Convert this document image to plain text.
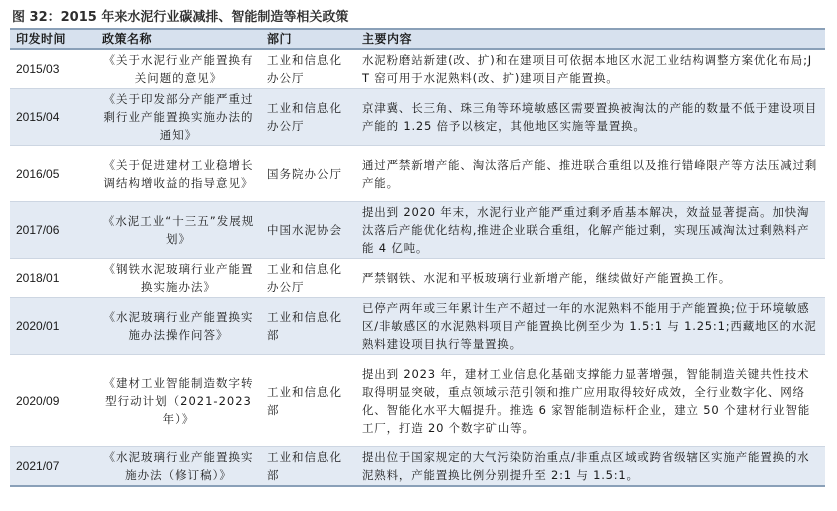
图 32：2015 年来水泥行业碳减排、智能制造等相关政策
印发时间	政策名称	部门	主要内容
2015/03	《关于水泥行业产能置换有关问题的意见》	工业和信息化办公厅	水泥粉磨站新建(改、扩)和在建项目可依据本地区水泥工业结构调整方案优化布局;JT 窑可用于水泥熟料(改、扩)建项目产能置换。
2015/04	《关于印发部分产能严重过剩行业产能置换实施办法的通知》	工业和信息化办公厅	京津冀、长三角、珠三角等环境敏感区需要置换被淘汰的产能的数量不低于建设项目产能的 1.25 倍予以核定，其他地区实施等量置换。
2016/05	《关于促进建材工业稳增长调结构增收益的指导意见》	国务院办公厅	通过严禁新增产能、淘汰落后产能、推进联合重组以及推行错峰限产等方法压减过剩产能。
2017/06	《水泥工业“十三五”发展规划》	中国水泥协会	提出到 2020 年末，水泥行业产能严重过剩矛盾基本解决，效益显著提高。加快淘汰落后产能优化结构,推进企业联合重组，化解产能过剩，实现压减淘汰过剩熟料产能 4 亿吨。
2018/01	《钢铁水泥玻璃行业产能置换实施办法》	工业和信息化办公厅	严禁钢铁、水泥和平板玻璃行业新增产能，继续做好产能置换工作。
2020/01	《水泥玻璃行业产能置换实施办法操作问答》	工业和信息化部	已停产两年或三年累计生产不超过一年的水泥熟料不能用于产能置换;位于环境敏感区/非敏感区的水泥熟料项目产能置换比例至少为 1.5:1 与 1.25:1;西藏地区的水泥熟料建设项目执行等量置换。
2020/09	《建材工业智能制造数字转型行动计划（2021-2023 年）》	工业和信息化部	提出到 2023 年，建材工业信息化基础支撑能力显著增强，智能制造关键共性技术取得明显突破，重点领域示范引领和推广应用取得较好成效，全行业数字化、网络化、智能化水平大幅提升。推选 6 家智能制造标杆企业，建立 50 个建材行业智能工厂，打造 20 个数字矿山等。
2021/07	《水泥玻璃行业产能置换实施办法（修订稿）》	工业和信息化部	提出位于国家规定的大气污染防治重点/非重点区域或跨省级辖区实施产能置换的水泥熟料，产能置换比例分别提升至 2:1 与 1.5:1。
